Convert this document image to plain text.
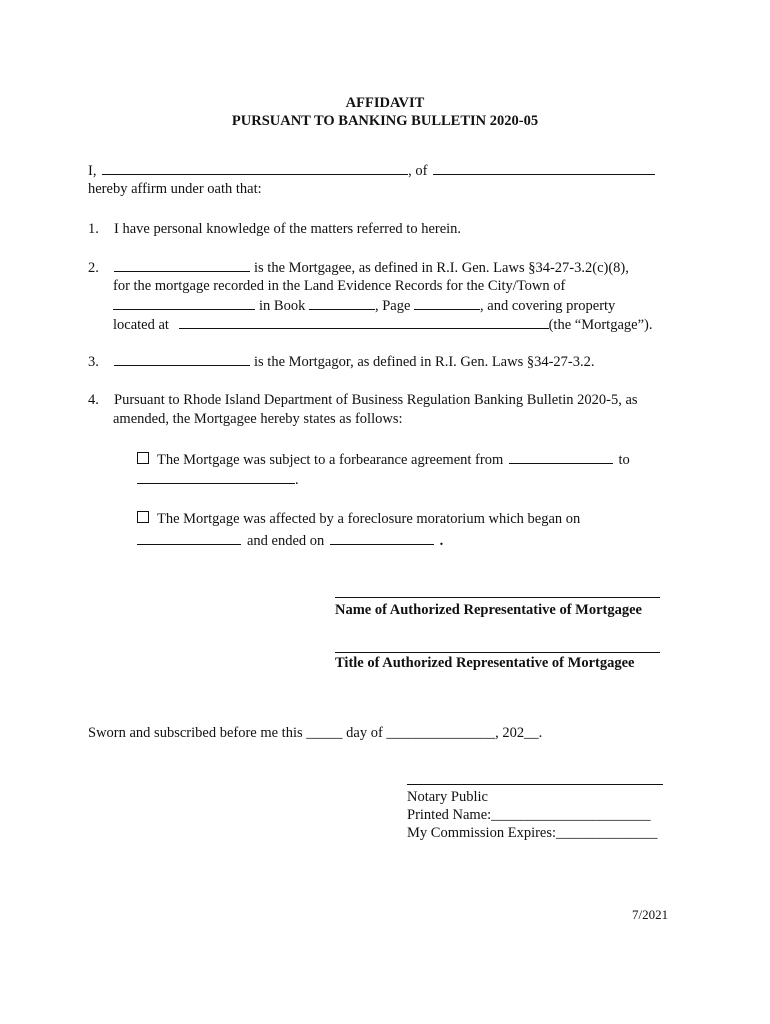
AFFIDAVIT
PURSUANT TO BANKING BULLETIN 2020-05
I,	, of
hereby affirm under oath that:
1. I have personal knowledge of the matters referred to herein.
2.	is the Mortgagee, as defined in R.I. Gen. Laws §34-27-3.2(c)(8),
for the mortgage recorded in the Land Evidence Records for the City/Town of
in Book	, Page	, and covering property
located at	(the “Mortgage”).
3.	is the Mortgagor, as defined in R.I. Gen. Laws §34-27-3.2.
4. Pursuant to Rhode Island Department of Business Regulation Banking Bulletin 2020-5, as
amended, the Mortgagee hereby states as follows:
The Mortgage was subject to a forbearance agreement from	to
.
The Mortgage was affected by a foreclosure moratorium which began on
and ended on	.
Name of Authorized Representative of Mortgagee
Title of Authorized Representative of Mortgagee
Sworn and subscribed before me this _____ day of _______________, 202__.
Notary Public
Printed Name:______________________
My Commission Expires:______________
7/2021
